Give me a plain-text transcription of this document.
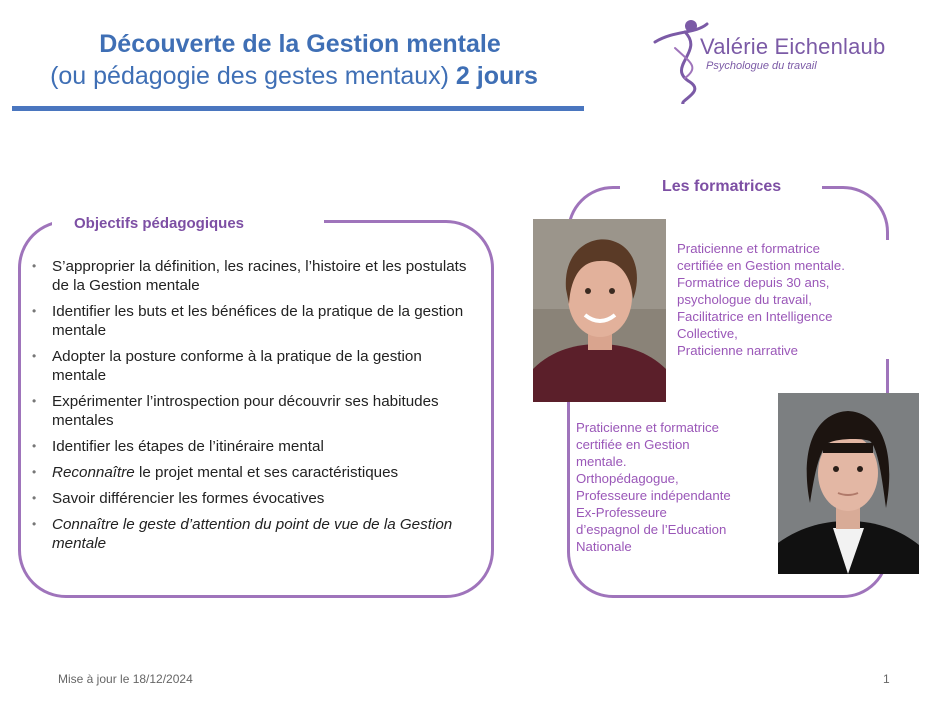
Découverte de la Gestion mentale
(ou pédagogie des gestes mentaux) 2 jours
Valérie Eichenlaub
Psychologue du travail
Objectifs pédagogiques
• S’approprier la définition, les racines, l’histoire et les postulats de la Gestion mentale
• Identifier les buts et les bénéfices de la pratique de la gestion mentale
• Adopter la posture conforme à la pratique de la gestion mentale
• Expérimenter l’introspection pour découvrir ses habitudes mentales
• Identifier les étapes de l’itinéraire mental
• Reconnaître le projet mental et ses caractéristiques
• Savoir différencier les formes évocatives
• Connaître le geste d’attention du point de vue de la Gestion mentale
Les formatrices
Praticienne et formatrice
certifiée en Gestion mentale.
Formatrice depuis 30 ans,
psychologue du travail,
Facilitatrice en Intelligence
Collective,
Praticienne narrative
Praticienne et formatrice
certifiée en Gestion
mentale.
Orthopédagogue,
Professeure indépendante
Ex-Professeure
d’espagnol de l’Education
Nationale
Mise à jour le 18/12/2024	1
